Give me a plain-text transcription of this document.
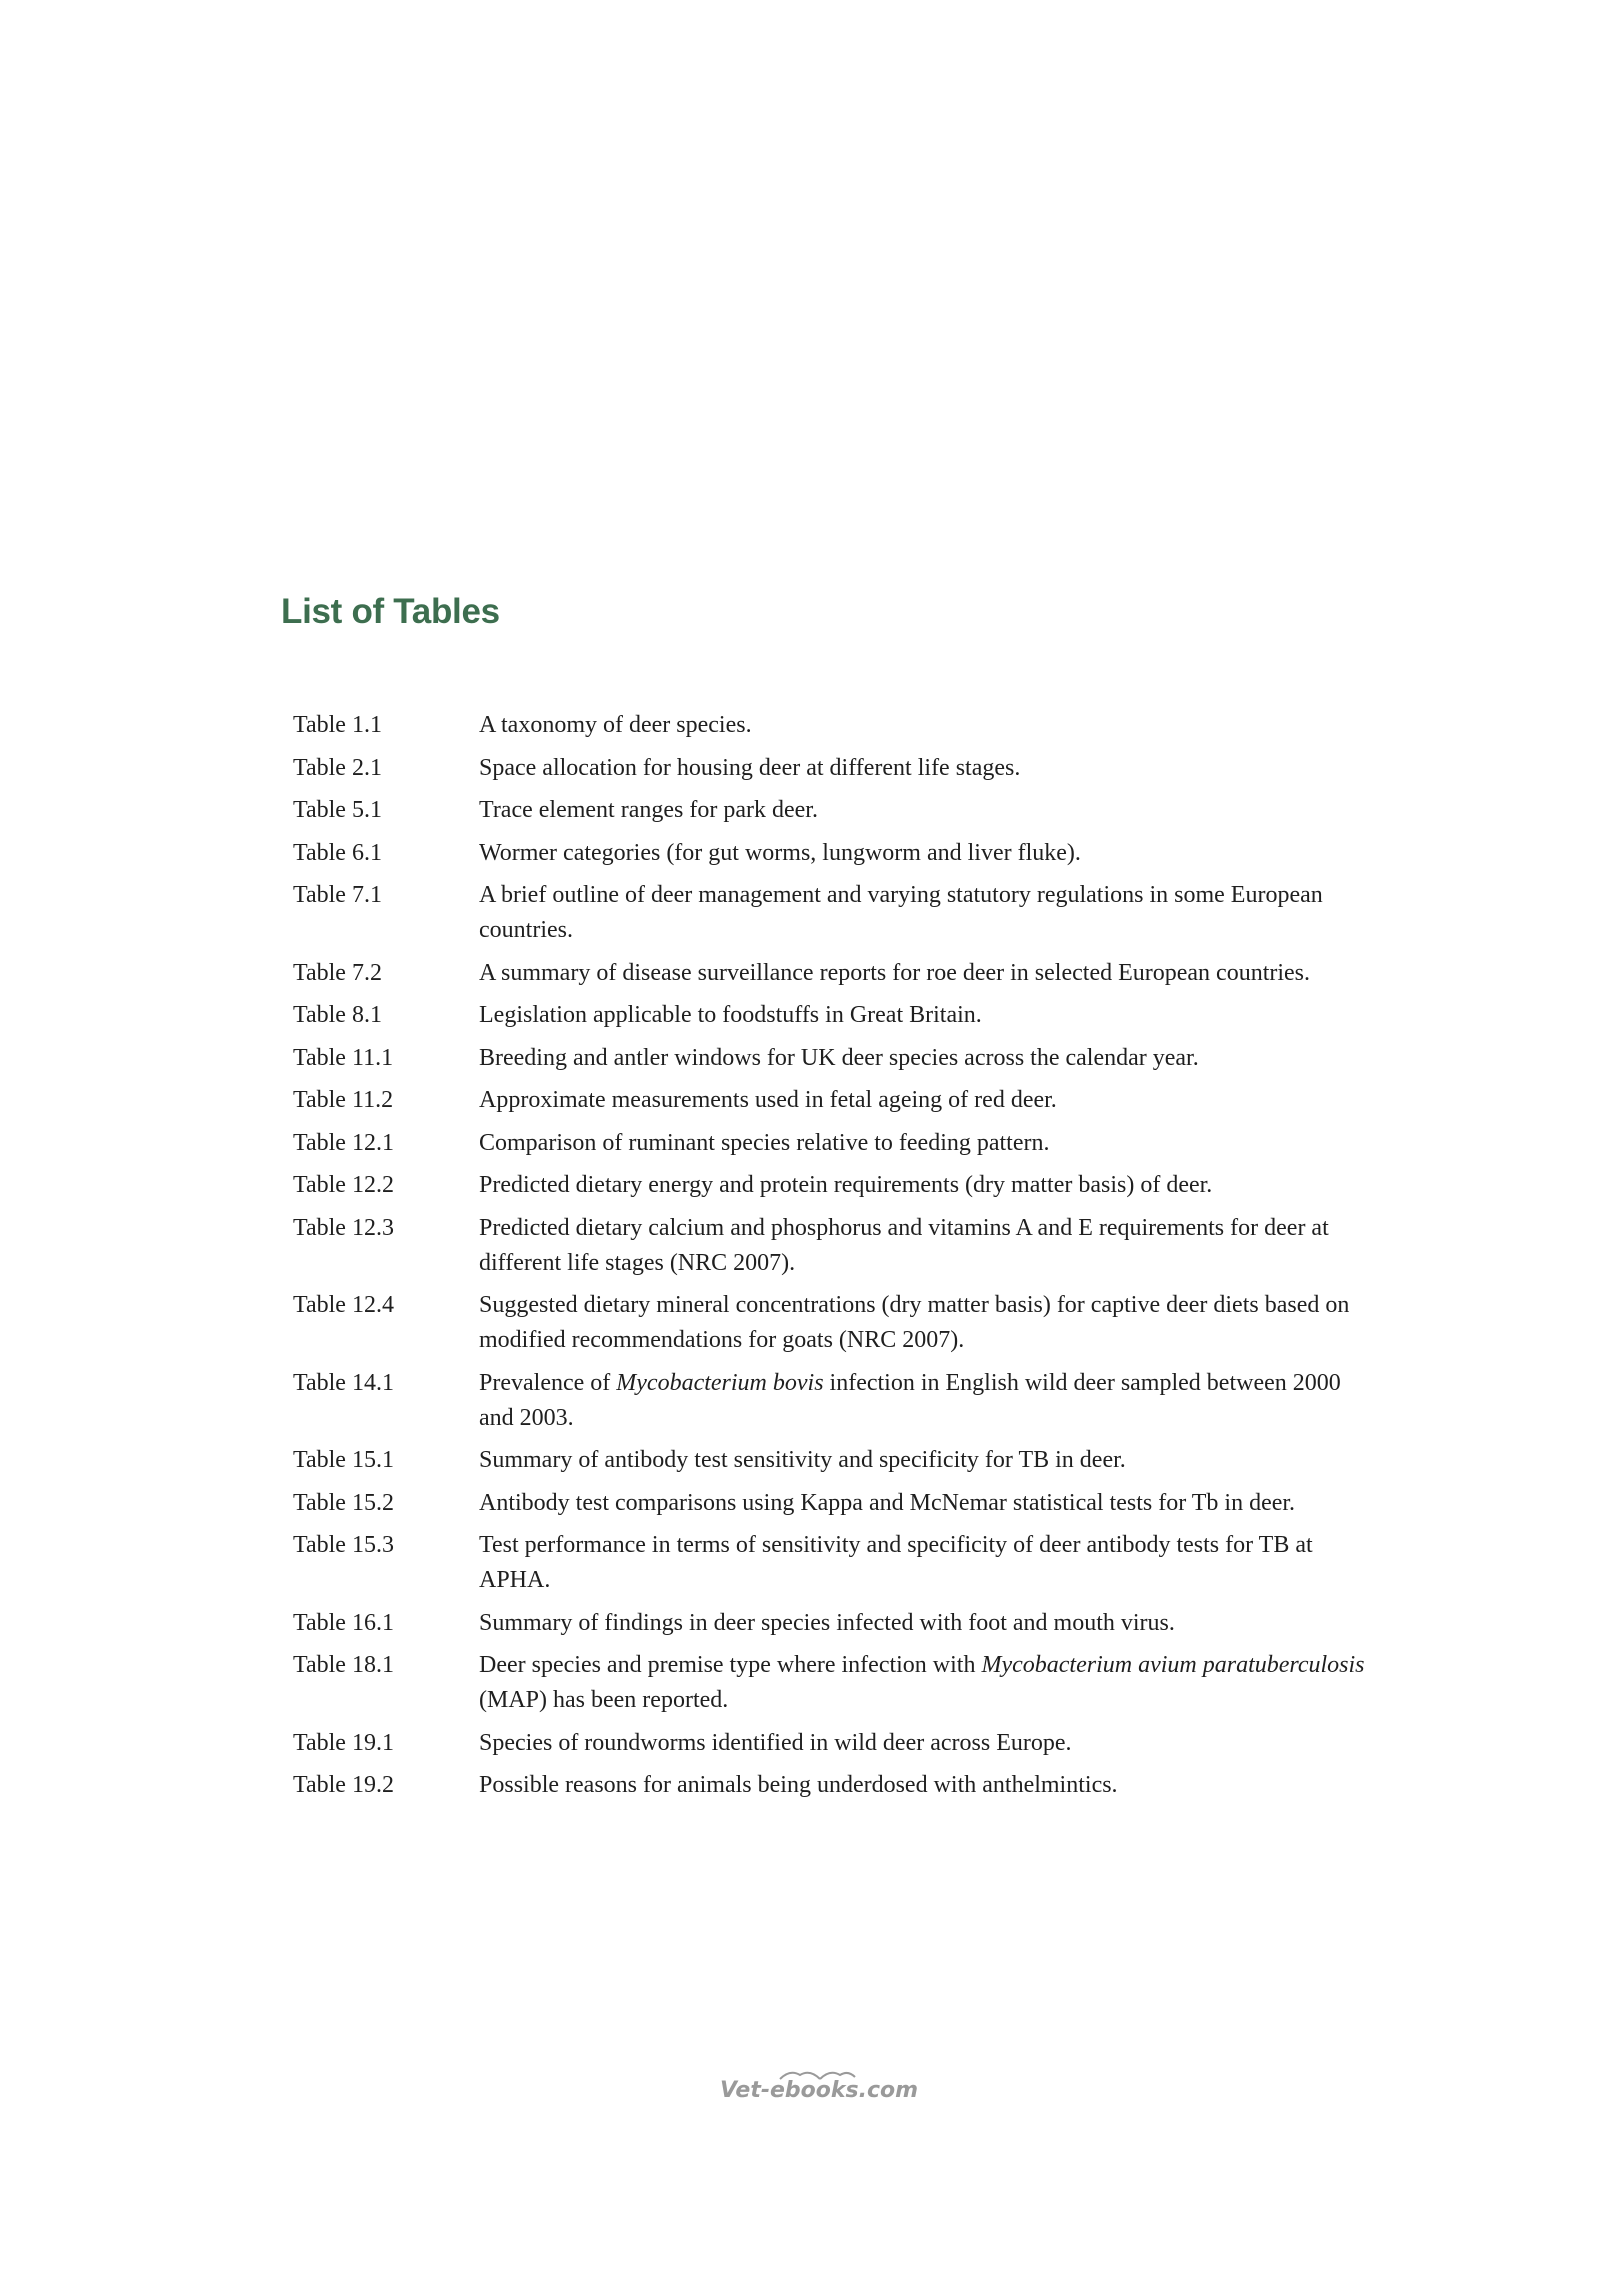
List of Tables
Table 1.1	A taxonomy of deer species.
Table 2.1	Space allocation for housing deer at different life stages.
Table 5.1	Trace element ranges for park deer.
Table 6.1	Wormer categories (for gut worms, lungworm and liver fluke).
Table 7.1	A brief outline of deer management and varying statutory regulations in some European countries.
Table 7.2	A summary of disease surveillance reports for roe deer in selected European countries.
Table 8.1	Legislation applicable to foodstuffs in Great Britain.
Table 11.1	Breeding and antler windows for UK deer species across the calendar year.
Table 11.2	Approximate measurements used in fetal ageing of red deer.
Table 12.1	Comparison of ruminant species relative to feeding pattern.
Table 12.2	Predicted dietary energy and protein requirements (dry matter basis) of deer.
Table 12.3	Predicted dietary calcium and phosphorus and vitamins A and E requirements for deer at different life stages (NRC 2007).
Table 12.4	Suggested dietary mineral concentrations (dry matter basis) for captive deer diets based on modified recommendations for goats (NRC 2007).
Table 14.1	Prevalence of Mycobacterium bovis infection in English wild deer sampled between 2000 and 2003.
Table 15.1	Summary of antibody test sensitivity and specificity for TB in deer.
Table 15.2	Antibody test comparisons using Kappa and McNemar statistical tests for Tb in deer.
Table 15.3	Test performance in terms of sensitivity and specificity of deer antibody tests for TB at APHA.
Table 16.1	Summary of findings in deer species infected with foot and mouth virus.
Table 18.1	Deer species and premise type where infection with Mycobacterium avium paratuberculosis (MAP) has been reported.
Table 19.1	Species of roundworms identified in wild deer across Europe.
Table 19.2	Possible reasons for animals being underdosed with anthelmintics.
Vet-ebooks.com
